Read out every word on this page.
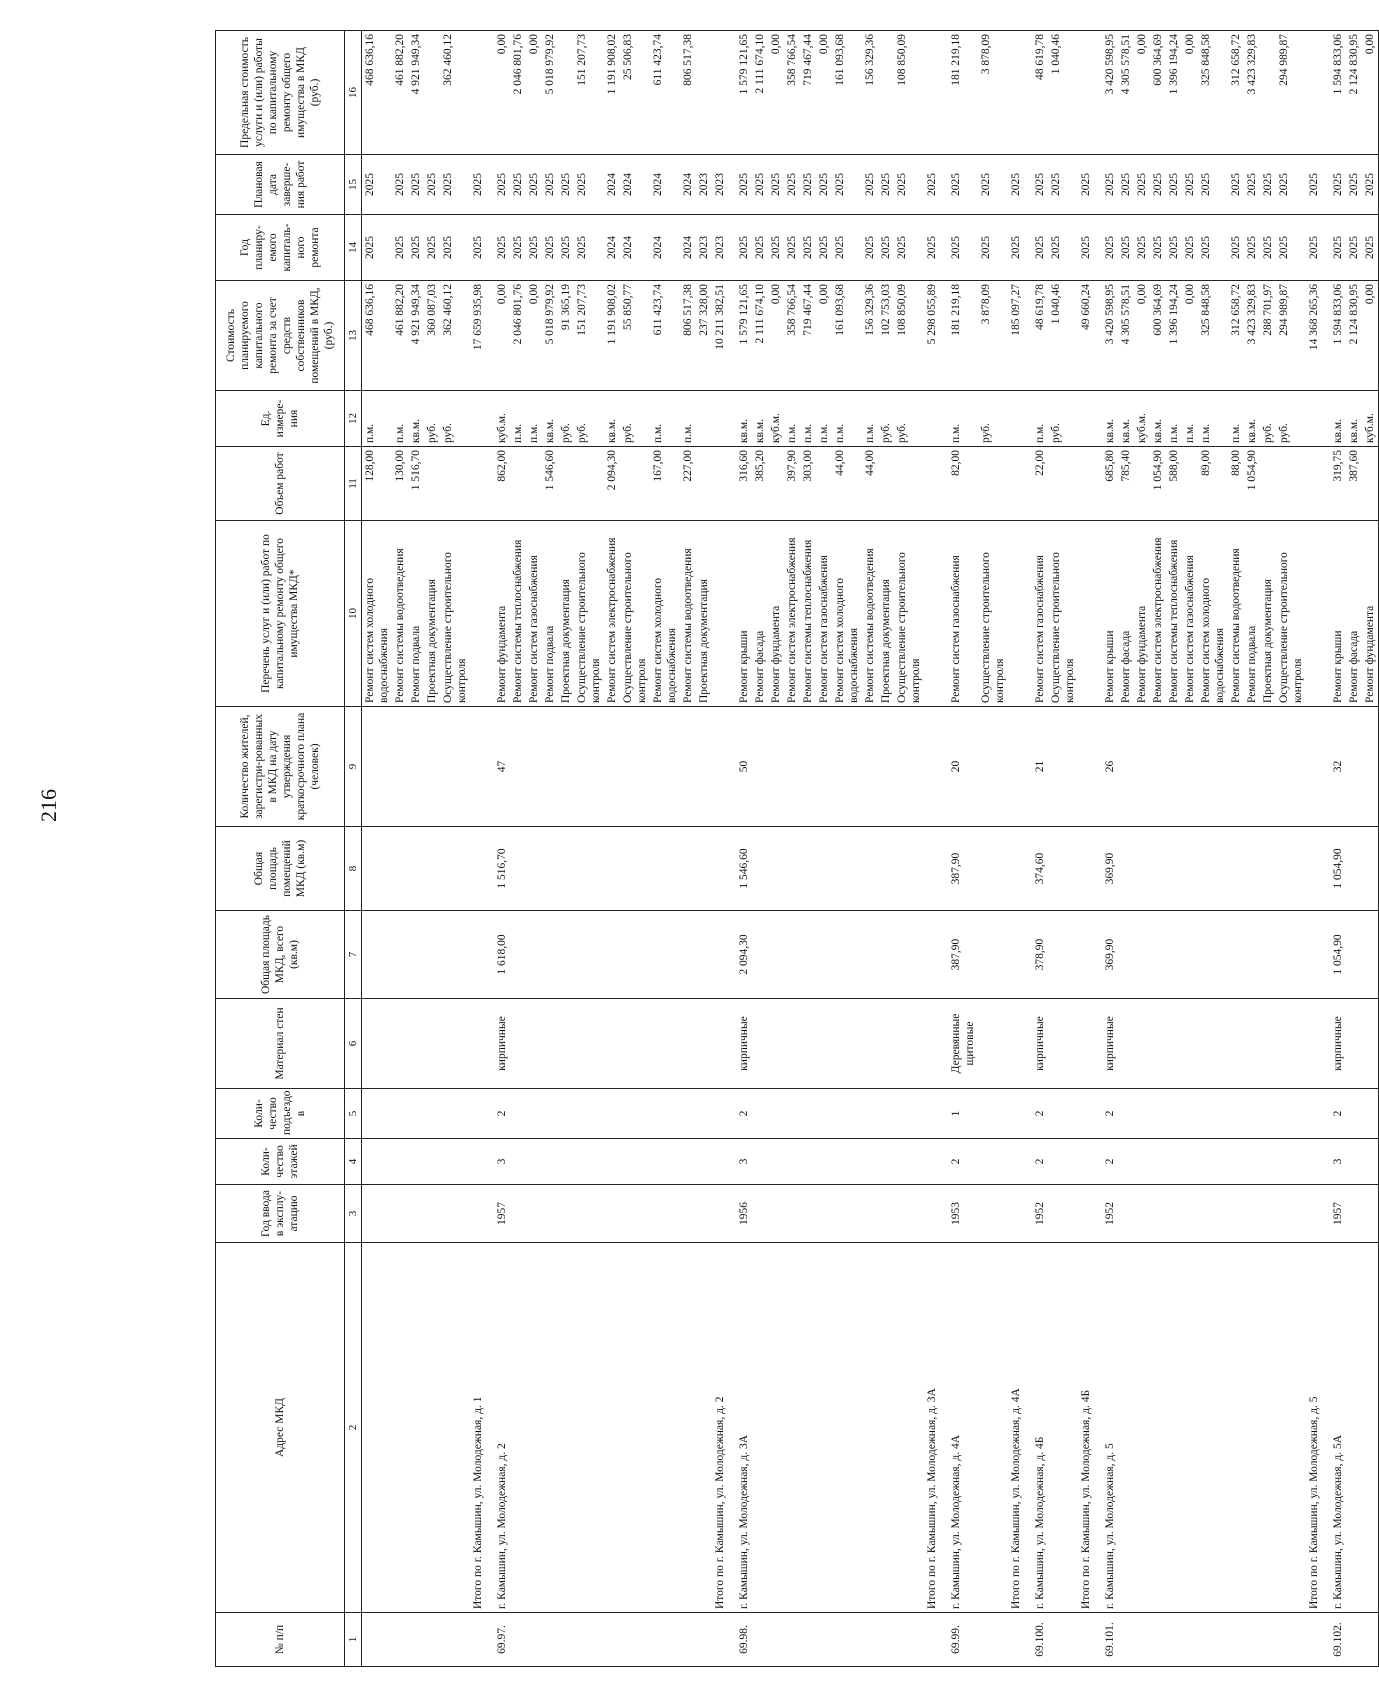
216
№ п/п	Адрес МКД	Год ввода в эксплу-атацию	Коли-чество этажей	Коли-чество подъездо в	Материал стен	Общая площадь МКД, всего (кв.м)	Общая площадь помещений МКД (кв.м)	Количество жителей, зарегистри-рованных в МКД на дату утверждения краткосрочного плана (человек)	Перечень услуг и (или) работ по капитальному ремонту общего имущества МКД*	Объем работ	Ед. измере-ния	Стоимость планируемого капитального ремонта за счет средств собственников помещений в МКД, (руб.)	Год планиру-емого капиталь-ного ремонта	Плановая дата заверше-ния работ	Предельная стоимость услуги и (или) работы по капитальному ремонту общего имущества в МКД (руб.)
1	2	3	4	5	6	7	8	9	10	11	12	13	14	15	16
									Ремонт систем холодного водоснабжения	128,00	п.м.	468 636,16	2025	2025	468 636,16
									Ремонт системы водоотведения	130,00	п.м.	461 882,20	2025	2025	461 882,20
									Ремонт подвала	1 516,70	кв.м.	4 921 949,34	2025	2025	4 921 949,34
									Проектная документация		руб.	360 087,03	2025	2025	
									Осуществление строительного контроля		руб.	362 460,12	2025	2025	362 460,12
	Итого по г. Камышин, ул. Молодежная, д. 1											17 659 935,98	2025	2025	

69.97.	г. Камышин, ул. Молодежная, д. 2	1957	3	2	кирпичные	1 618,00	1 516,70	47	Ремонт фундамента	862,00	куб.м.	0,00	2025	2025	0,00
									Ремонт системы теплоснабжения		п.м.	2 046 801,76	2025	2025	2 046 801,76
									Ремонт систем газоснабжения		п.м.	0,00	2025	2025	0,00
									Ремонт подвала	1 546,60	кв.м.	5 018 979,92	2025	2025	5 018 979,92
									Проектная документация		руб.	91 365,19	2025	2025	
									Осуществление строительного контроля		руб.	151 207,73	2025	2025	151 207,73
									Ремонт систем электроснабжения	2 094,30	кв.м.	1 191 908,02	2024	2024	1 191 908,02
									Осуществление строительного контроля		руб.	55 850,77	2024	2024	25 506,83
									Ремонт систем холодного водоснабжения	167,00	п.м.	611 423,74	2024	2024	611 423,74
									Ремонт системы водоотведения	227,00	п.м.	806 517,38	2024	2024	806 517,38
									Проектная документация			237 328,00	2023	2023	
	Итого по г. Камышин, ул. Молодежная, д. 2											10 211 382,51	2023	2023	

69.98.	г. Камышин, ул. Молодежная, д. 3А	1956	3	2	кирпичные	2 094,30	1 546,60	50	Ремонт крыши	316,60	кв.м.	1 579 121,65	2025	2025	1 579 121,65
									Ремонт фасада	385,20	кв.м.	2 111 674,10	2025	2025	2 111 674,10
									Ремонт фундамента		куб.м.	0,00	2025	2025	0,00
									Ремонт систем электроснабжения	397,90	п.м.	358 766,54	2025	2025	358 766,54
									Ремонт системы теплоснабжения	303,00	п.м.	719 467,44	2025	2025	719 467,44
									Ремонт систем газоснабжения		п.м.	0,00	2025	2025	0,00
									Ремонт систем холодного водоснабжения	44,00	п.м.	161 093,68	2025	2025	161 093,68
									Ремонт системы водоотведения	44,00	п.м.	156 329,36	2025	2025	156 329,36
									Проектная документация		руб.	102 753,03	2025	2025	
									Осуществление строительного контроля		руб.	108 850,09	2025	2025	108 850,09
	Итого по г. Камышин, ул. Молодежная, д. 3А											5 298 055,89	2025	2025	

69.99.	г. Камышин, ул. Молодежная, д. 4А	1953	2	1	Деревянные щитовые	387,90	387,90	20	Ремонт систем газоснабжения	82,00	п.м.	181 219,18	2025	2025	181 219,18
									Осуществление строительного контроля		руб.	3 878,09	2025	2025	3 878,09
	Итого по г. Камышин, ул. Молодежная, д. 4А											185 097,27	2025	2025	

69.100.	г. Камышин, ул. Молодежная, д. 4Б	1952	2	2	кирпичные	378,90	374,60	21	Ремонт систем газоснабжения	22,00	п.м.	48 619,78	2025	2025	48 619,78
									Осуществление строительного контроля		руб.	1 040,46	2025	2025	1 040,46
	Итого по г. Камышин, ул. Молодежная, д. 4Б											49 660,24	2025	2025	

69.101.	г. Камышин, ул. Молодежная, д. 5	1952	2	2	кирпичные	369,90	369,90	26	Ремонт крыши	685,80	кв.м.	3 420 598,95	2025	2025	3 420 598,95
									Ремонт фасада	785,40	кв.м.	4 305 578,51	2025	2025	4 305 578,51
									Ремонт фундамента		куб.м.	0,00	2025	2025	0,00
									Ремонт систем электроснабжения	1 054,90	кв.м.	600 364,69	2025	2025	600 364,69
									Ремонт системы теплоснабжения	588,00	п.м.	1 396 194,24	2025	2025	1 396 194,24
									Ремонт систем газоснабжения		п.м.	0,00	2025	2025	0,00
									Ремонт систем холодного водоснабжения	89,00	п.м.	325 848,58	2025	2025	325 848,58
									Ремонт системы водоотведения	88,00	п.м.	312 658,72	2025	2025	312 658,72
									Ремонт подвала	1 054,90	кв.м.	3 423 329,83	2025	2025	3 423 329,83
									Проектная документация		руб.	288 701,97	2025	2025	
									Осуществление строительного контроля		руб.	294 989,87	2025	2025	294 989,87
	Итого по г. Камышин, ул. Молодежная, д. 5											14 368 265,36	2025	2025	

69.102.	г. Камышин, ул. Молодежная, д. 5А	1957	3	2	кирпичные	1 054,90	1 054,90	32	Ремонт крыши	319,75	кв.м.	1 594 833,06	2025	2025	1 594 833,06
									Ремонт фасада	387,60	кв.м.	2 124 830,95	2025	2025	2 124 830,95
									Ремонт фундамента		куб.м.	0,00	2025	2025	0,00
